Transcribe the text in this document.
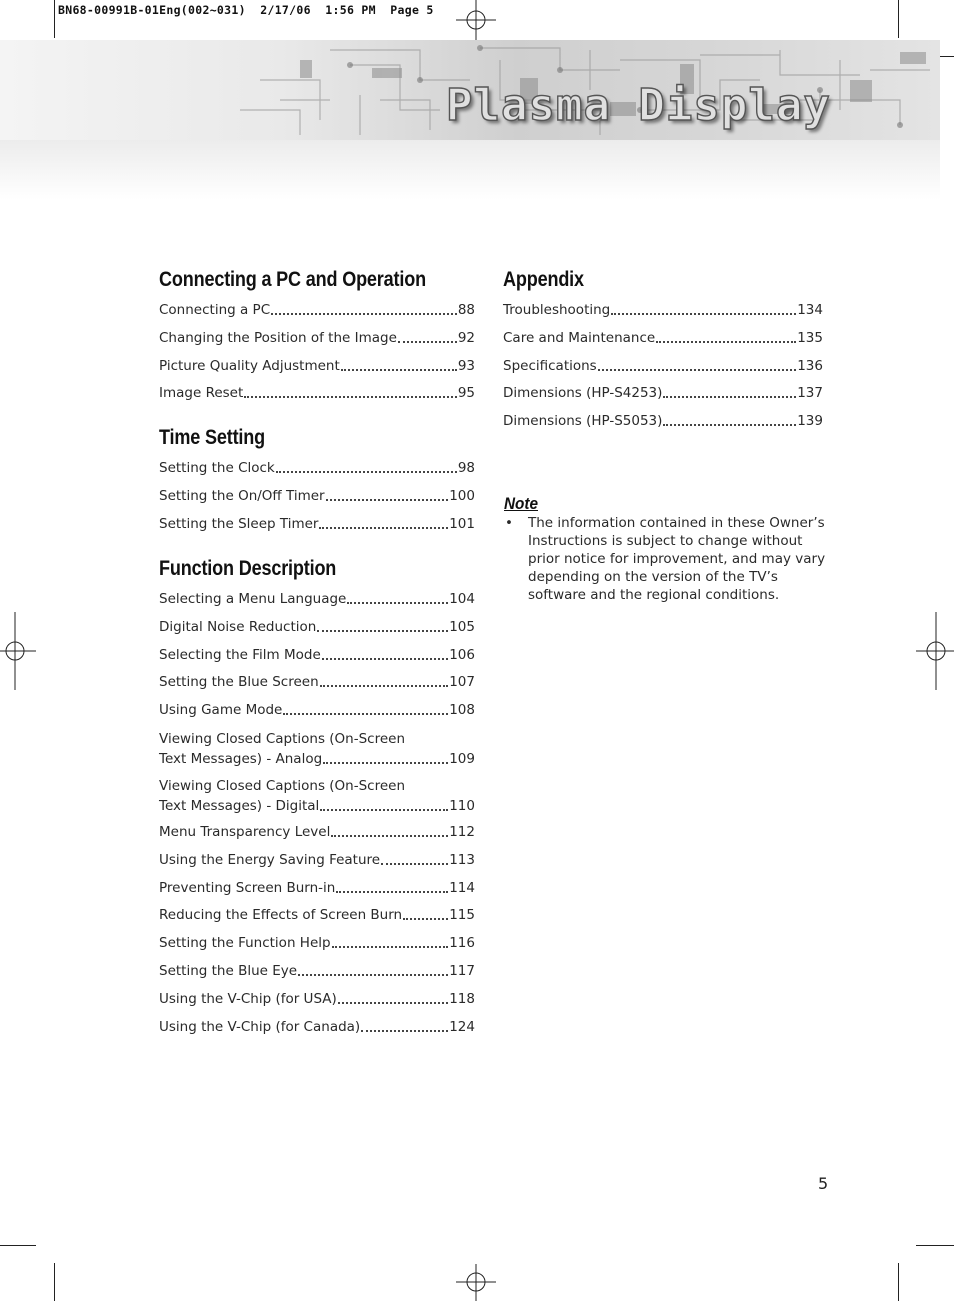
BN68-00991B-01Eng(002~031)  2/17/06  1:56 PM  Page 5
Plasma Display
Connecting a PC and Operation
Connecting a PC	88
Changing the Position of the Image	92
Picture Quality Adjustment	93
Image Reset	95
Time Setting
Setting the Clock	98
Setting the On/Off Timer	100
Setting the Sleep Timer	101
Function Description
Selecting a Menu Language	104
Digital Noise Reduction	105
Selecting the Film Mode	106
Setting the Blue Screen	107
Using Game Mode	108
Viewing Closed Captions (On-Screen
Text Messages) - Analog	109
Viewing Closed Captions (On-Screen
Text Messages) - Digital	110
Menu Transparency Level	112
Using the Energy Saving Feature	113
Preventing Screen Burn-in	114
Reducing the Effects of Screen Burn	115
Setting the Function Help	116
Setting the Blue Eye	117
Using the V-Chip (for USA)	118
Using the V-Chip (for Canada)	124
Appendix
Troubleshooting	134
Care and Maintenance	135
Specifications	136
Dimensions (HP-S4253)	137
Dimensions (HP-S5053)	139
Note
•	The information contained in these Owner’s Instructions is subject to change without prior notice for improvement, and may vary depending on the version of the TV’s software and the regional conditions.
5
